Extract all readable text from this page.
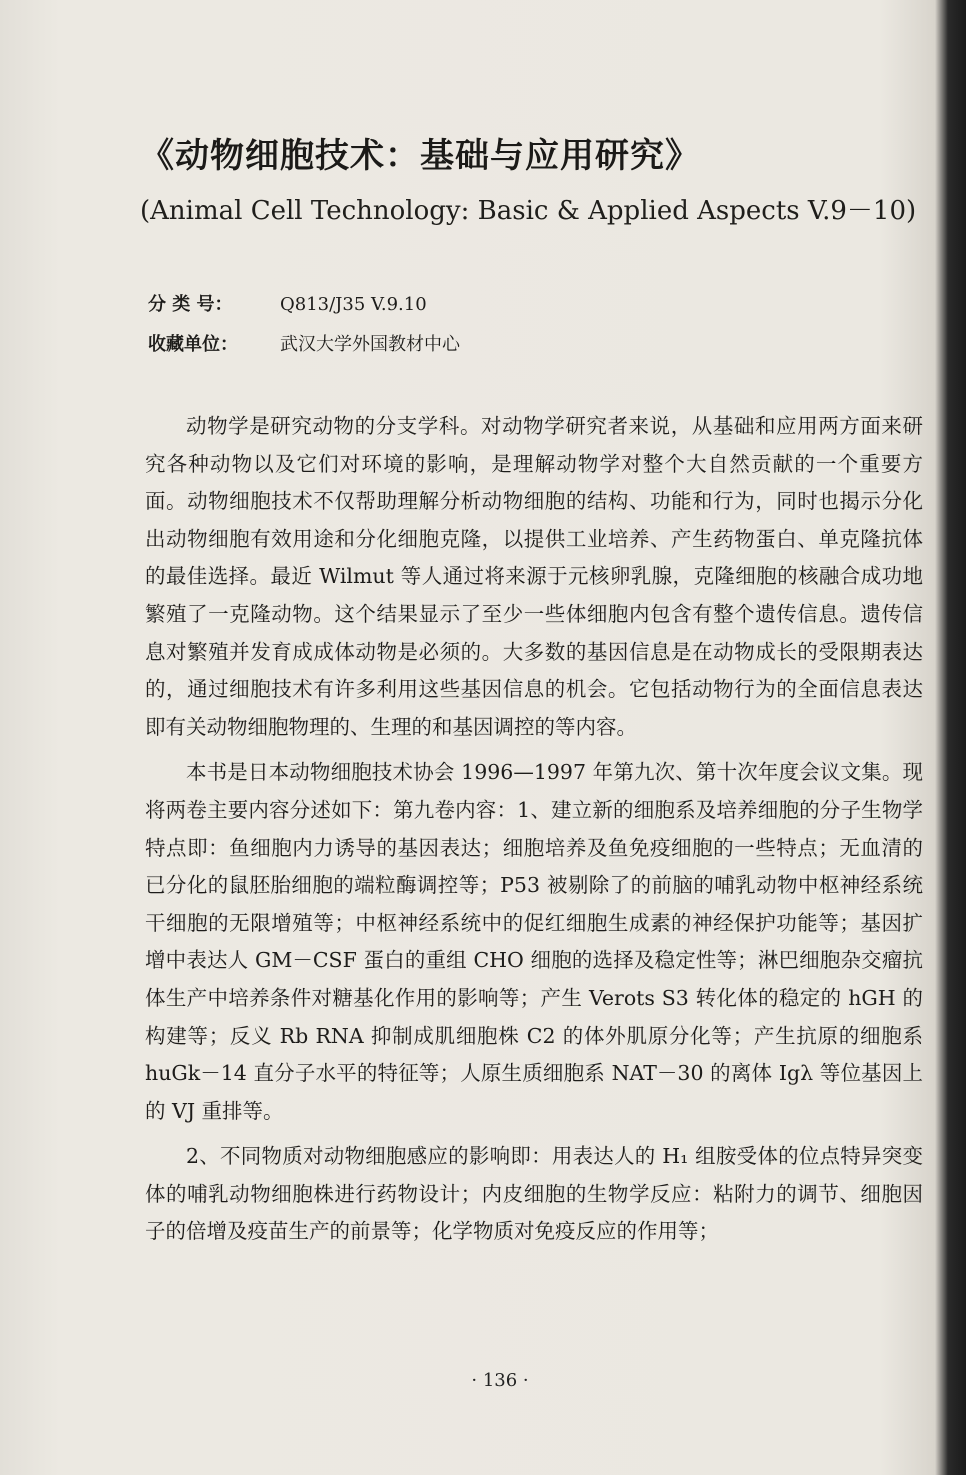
《动物细胞技术：基础与应用研究》
(Animal Cell Technology: Basic & Applied Aspects V.9－10)
分 类 号：	Q813/J35 V.9.10
收藏单位： 武汉大学外国教材中心

动物学是研究动物的分支学科。对动物学研究者来说，从基础和应用两方面来研究各种动物以及它们对环境的影响，是理解动物学对整个大自然贡献的一个重要方面。动物细胞技术不仅帮助理解分析动物细胞的结构、功能和行为，同时也揭示分化出动物细胞有效用途和分化细胞克隆，以提供工业培养、产生药物蛋白、单克隆抗体的最佳选择。最近 Wilmut 等人通过将来源于元核卵乳腺，克隆细胞的核融合成功地繁殖了一克隆动物。这个结果显示了至少一些体细胞内包含有整个遗传信息。遗传信息对繁殖并发育成成体动物是必须的。大多数的基因信息是在动物成长的受限期表达的，通过细胞技术有许多利用这些基因信息的机会。它包括动物行为的全面信息表达即有关动物细胞物理的、生理的和基因调控的等内容。

本书是日本动物细胞技术协会 1996—1997 年第九次、第十次年度会议文集。现将两卷主要内容分述如下：第九卷内容：1、建立新的细胞系及培养细胞的分子生物学特点即：鱼细胞内力诱导的基因表达；细胞培养及鱼免疫细胞的一些特点；无血清的已分化的鼠胚胎细胞的端粒酶调控等；P53 被剔除了的前脑的哺乳动物中枢神经系统干细胞的无限增殖等；中枢神经系统中的促红细胞生成素的神经保护功能等；基因扩增中表达人 GM－CSF 蛋白的重组 CHO 细胞的选择及稳定性等；淋巴细胞杂交瘤抗体生产中培养条件对糖基化作用的影响等；产生 Verots S3 转化体的稳定的 hGH 的构建等；反义 Rb RNA 抑制成肌细胞株 C2 的体外肌原分化等；产生抗原的细胞系 huGk－14 直分子水平的特征等；人原生质细胞系 NAT－30 的离体 Igλ 等位基因上的 VJ 重排等。

2、不同物质对动物细胞感应的影响即：用表达人的 H₁ 组胺受体的位点特异突变体的哺乳动物细胞株进行药物设计；内皮细胞的生物学反应：粘附力的调节、细胞因子的倍增及疫苗生产的前景等；化学物质对免疫反应的作用等；

· 136 ·
